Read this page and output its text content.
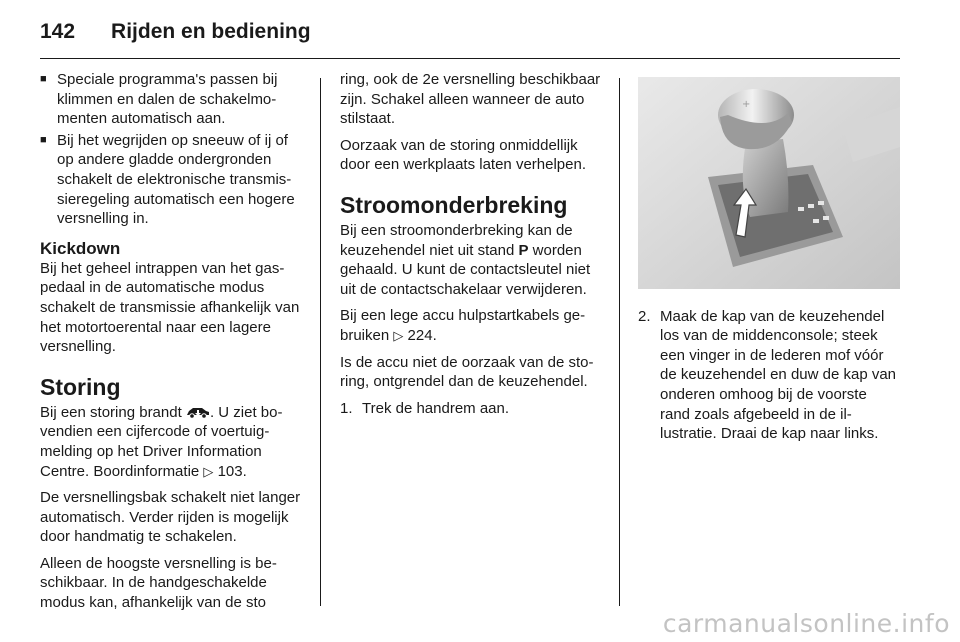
142 Rijden en bediening
■ Speciale programma's passen bij klimmen en dalen de schakelmomenten automatisch aan.
■ Bij het wegrijden op sneeuw of ij of op andere gladde ondergronden schakelt de elektronische transmissieregeling automatisch een hogere versnelling in.
Kickdown

Bij het geheel intrappen van het gaspedaal in de automatische modus schakelt de transmissie afhankelijk van het motortoerental naar een lagere versnelling.

Storing

Bij een storing brandt . U ziet bovendien een cijfercode of voertuigmelding op het Driver Information Centre. Boordinformatie ▷ 103.

De versnellingsbak schakelt niet langer automatisch. Verder rijden is mogelijk door handmatig te schakelen.

Alleen de hoogste versnelling is beschikbaar. In de handgeschakelde modus kan, afhankelijk van de sto

ring, ook de 2e versnelling beschikbaar zijn. Schakel alleen wanneer de auto stilstaat.

Oorzaak van de storing onmiddellijk door een werkplaats laten verhelpen.

Stroomonderbreking

Bij een stroomonderbreking kan de keuzehendel niet uit stand P worden gehaald. U kunt de contactsleutel niet uit de contactschakelaar verwijderen.

Bij een lege accu hulpstartkabels gebruiken ▷ 224.

Is de accu niet de oorzaak van de storing, ontgrendel dan de keuzehendel.

1. Trek de handrem aan.
+
2. Maak de kap van de keuzehendel los van de middenconsole; steek een vinger in de lederen mof vóór de keuzehendel en duw de kap van onderen omhoog bij de voorste rand zoals afgebeeld in de illustratie. Draai de kap naar links.
carmanualsonline.info
